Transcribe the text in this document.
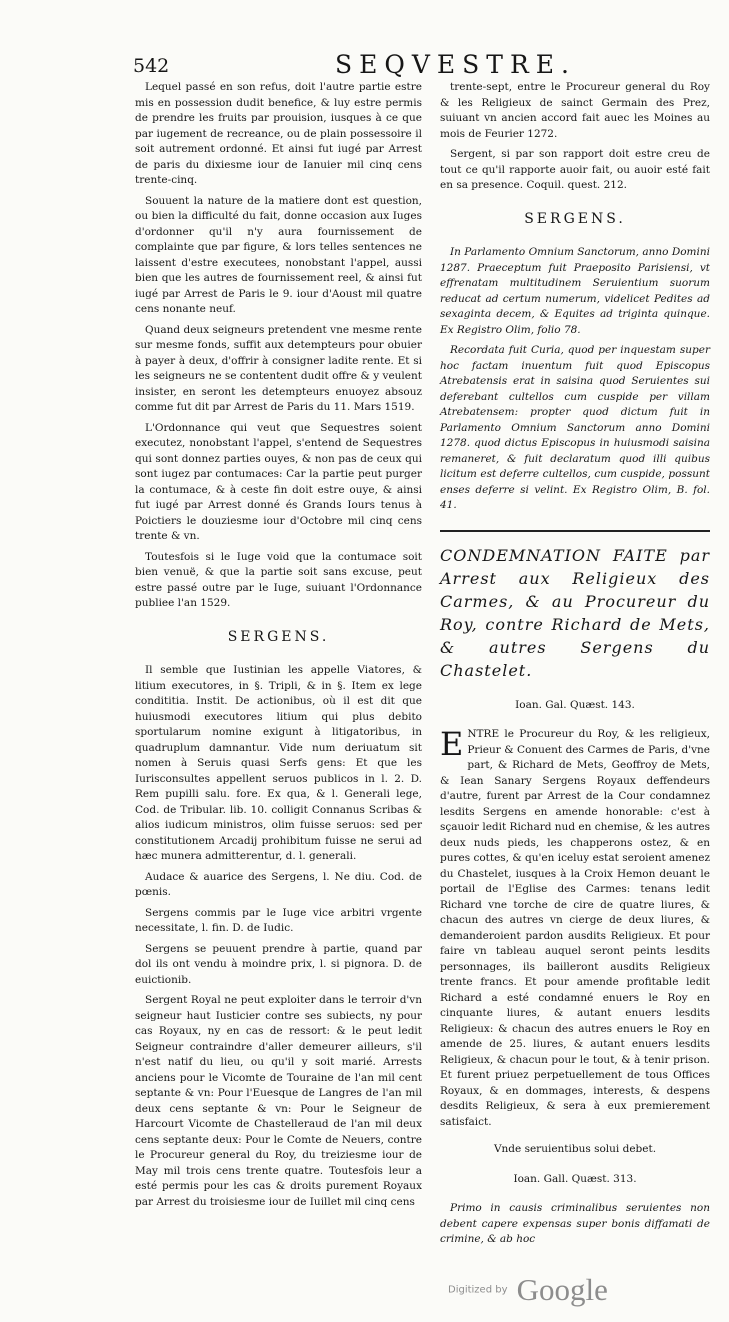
542	SEQVESTRE.

Lequel passé en son refus, doit l'autre partie estre mis en possession dudit benefice, & luy estre permis de prendre les fruits par prouision, iusques à ce que par iugement de recreance, ou de plain possessoire il soit autrement ordonné. Et ainsi fut iugé par Arrest de paris du dixiesme iour de Ianuier mil cinq cens trente-cinq.

Souuent la nature de la matiere dont est question, ou bien la difficulté du fait, donne occasion aux Iuges d'ordonner qu'il n'y aura fournissement de complainte que par figure, & lors telles sentences ne laissent d'estre executees, nonobstant l'appel, aussi bien que les autres de fournissement reel, & ainsi fut iugé par Arrest de Paris le 9. iour d'Aoust mil quatre cens nonante neuf.

Quand deux seigneurs pretendent vne mesme rente sur mesme fonds, suffit aux detempteurs pour obuier à payer à deux, d'offrir à consigner ladite rente. Et si les seigneurs ne se contentent dudit offre & y veulent insister, en seront les detempteurs enuoyez absouz comme fut dit par Arrest de Paris du 11. Mars 1519.

L'Ordonnance qui veut que Sequestres soient executez, nonobstant l'appel, s'entend de Sequestres qui sont donnez parties ouyes, & non pas de ceux qui sont iugez par contumaces: Car la partie peut purger la contumace, & à ceste fin doit estre ouye, & ainsi fut iugé par Arrest donné és Grands Iours tenus à Poictiers le douziesme iour d'Octobre mil cinq cens trente & vn.

Toutesfois si le Iuge void que la contumace soit bien venuë, & que la partie soit sans excuse, peut estre passé outre par le Iuge, suiuant l'Ordonnance publiee l'an 1529.

SERGENS.

Il semble que Iustinian les appelle Viatores, & litium executores, in §. Tripli, & in §. Item ex lege condititia. Instit. De actionibus, où il est dit que huiusmodi executores litium qui plus debito sportularum nomine exigunt à litigatoribus, in quadruplum damnantur. Vide num deriuatum sit nomen à Seruis quasi Serfs gens: Et que les Iurisconsultes appellent seruos publicos in l. 2. D. Rem pupilli salu. fore. Ex qua, & l. Generali lege, Cod. de Tribular. lib. 10. colligit Connanus Scribas & alios iudicum ministros, olim fuisse seruos: sed per constitutionem Arcadij prohibitum fuisse ne serui ad hæc munera admitterentur, d. l. generali.

Audace & auarice des Sergens, l. Ne diu. Cod. de pœnis.

Sergens commis par le Iuge vice arbitri vrgente necessitate, l. fin. D. de Iudic.

Sergens se peuuent prendre à partie, quand par dol ils ont vendu à moindre prix, l. si pignora. D. de euictionib.

Sergent Royal ne peut exploiter dans le terroir d'vn seigneur haut Iusticier contre ses subiects, ny pour cas Royaux, ny en cas de ressort: & le peut ledit Seigneur contraindre d'aller demeurer ailleurs, s'il n'est natif du lieu, ou qu'il y soit marié. Arrests anciens pour le Vicomte de Touraine de l'an mil cent septante & vn: Pour l'Euesque de Langres de l'an mil deux cens septante & vn: Pour le Seigneur de Harcourt Vicomte de Chastelleraud de l'an mil deux cens septante deux: Pour le Comte de Neuers, contre le Procureur general du Roy, du treiziesme iour de May mil trois cens trente quatre. Toutesfois leur a esté permis pour les cas & droits purement Royaux par Arrest du troisiesme iour de Iuillet mil cinq cens

trente-sept, entre le Procureur general du Roy & les Religieux de sainct Germain des Prez, suiuant vn ancien accord fait auec les Moines au mois de Feurier 1272.

Sergent, si par son rapport doit estre creu de tout ce qu'il rapporte auoir fait, ou auoir esté fait en sa presence. Coquil. quest. 212.

SERGENS.

In Parlamento Omnium Sanctorum, anno Domini 1287. Praeceptum fuit Praeposito Parisiensi, vt effrenatam multitudinem Seruientium suorum reducat ad certum numerum, videlicet Pedites ad sexaginta decem, & Equites ad triginta quinque. Ex Registro Olim, folio 78.

Recordata fuit Curia, quod per inquestam super hoc factam inuentum fuit quod Episcopus Atrebatensis erat in saisina quod Seruientes sui deferebant cultellos cum cuspide per villam Atrebatensem: propter quod dictum fuit in Parlamento Omnium Sanctorum anno Domini 1278. quod dictus Episcopus in huiusmodi saisina remaneret, & fuit declaratum quod illi quibus licitum est deferre cultellos, cum cuspide, possunt enses deferre si velint. Ex Registro Olim, B. fol. 41.

CONDEMNATION FAITE par Arrest aux Religieux des Carmes, & au Procureur du Roy, contre Richard de Mets, & autres Sergens du Chastelet.

Ioan. Gal. Quæst. 143.

ENTRE le Procureur du Roy, & les religieux, Prieur & Conuent des Carmes de Paris, d'vne part, & Richard de Mets, Geoffroy de Mets, & Iean Sanary Sergens Royaux deffendeurs d'autre, furent par Arrest de la Cour condamnez lesdits Sergens en amende honorable: c'est à sçauoir ledit Richard nud en chemise, & les autres deux nuds pieds, les chapperons ostez, & en pures cottes, & qu'en iceluy estat seroient amenez du Chastelet, iusques à la Croix Hemon deuant le portail de l'Eglise des Carmes: tenans ledit Richard vne torche de cire de quatre liures, & chacun des autres vn cierge de deux liures, & demanderoient pardon ausdits Religieux. Et pour faire vn tableau auquel seront peints lesdits personnages, ils bailleront ausdits Religieux trente francs. Et pour amende profitable ledit Richard a esté condamné enuers le Roy en cinquante liures, & autant enuers lesdits Religieux: & chacun des autres enuers le Roy en amende de 25. liures, & autant enuers lesdits Religieux, & chacun pour le tout, & à tenir prison. Et furent priuez perpetuellement de tous Offices Royaux, & en dommages, interests, & despens desdits Religieux, & sera à eux premierement satisfaict.

Vnde seruientibus solui debet.

Ioan. Gall. Quæst. 313.

Primo in causis criminalibus seruientes non debent capere expensas super bonis diffamati de crimine, & ab hoc

Digitized by Google
